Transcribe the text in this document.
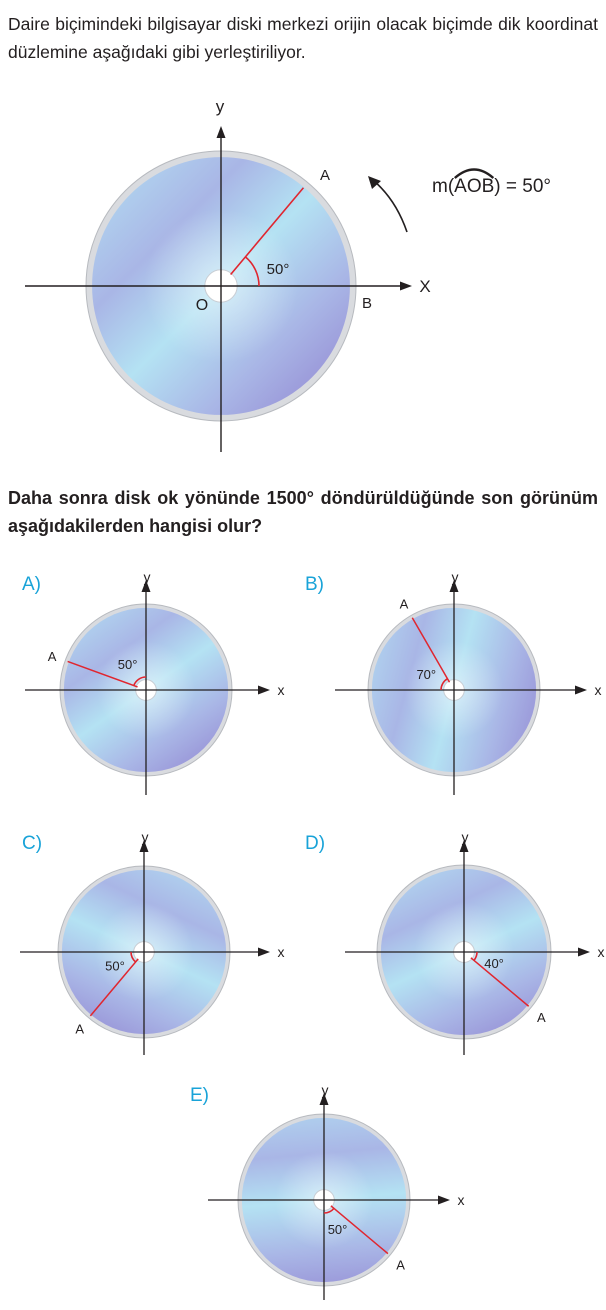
Daire biçimindeki bilgisayar diski merkezi orijin olacak biçimde dik koordinat düzlemine aşağıdaki gibi yerleştiriliyor.

50°
A
B
O
X
y
m(
AOB) = 50°

Daha sonra disk ok yönünde 1500° döndürüldüğünde son görünüm aşağıdakilerden hangisi olur?

A)	B)
C)	D)
E)
50°
A
x
y
70°
A
x
y
50°
A
x
y
40°
A
x
y
50°
A
x
y
